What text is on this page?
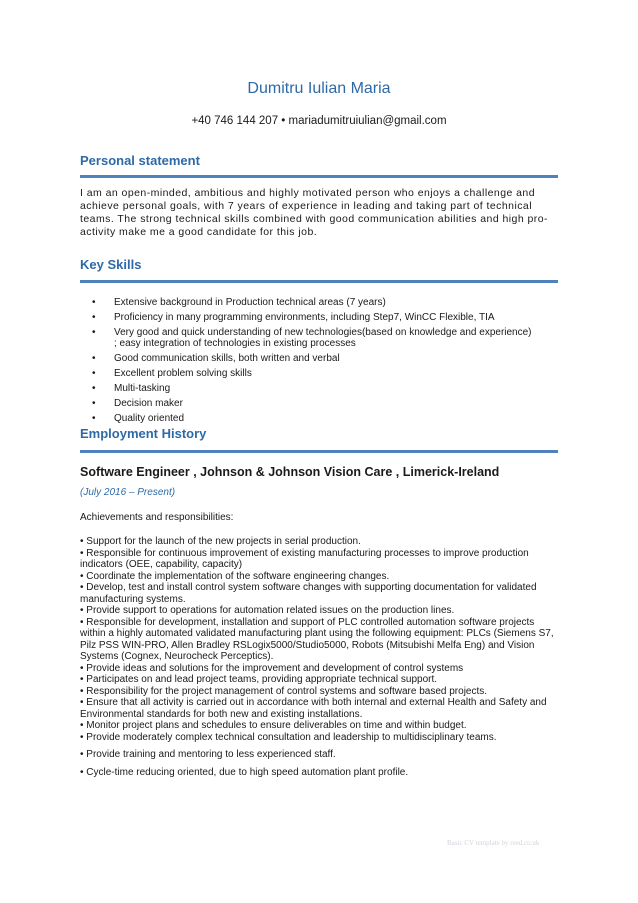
Dumitru Iulian Maria
+40 746 144 207 • mariadumitruiulian@gmail.com
Personal statement
I am an open-minded, ambitious and highly motivated person who enjoys a challenge and achieve personal goals, with 7 years of experience in leading and taking part of technical teams. The strong technical skills combined with good communication abilities and high pro-activity make me a good candidate for this job.
Key Skills
• Extensive background in Production technical areas (7 years)
• Proficiency in many programming environments, including Step7, WinCC Flexible, TIA
• Very good and quick understanding of new technologies(based on knowledge and experience) ; easy integration of technologies in existing processes
• Good communication skills, both written and verbal
• Excellent problem solving skills
• Multi-tasking
• Decision maker
• Quality oriented
Employment History
Software Engineer , Johnson & Johnson Vision Care , Limerick-Ireland
(July 2016 – Present)
Achievements and responsibilities:

• Support for the launch of the new projects in serial production.

• Responsible for continuous improvement of existing manufacturing processes to improve production indicators (OEE, capability, capacity)

• Coordinate the implementation of the software engineering changes.

• Develop, test and install control system software changes with supporting documentation for validated manufacturing systems.

• Provide support to operations for automation related issues on the production lines.

• Responsible for development, installation and support of PLC controlled automation software projects within a highly automated validated manufacturing plant using the following equipment: PLCs (Siemens S7, Pilz PSS WIN-PRO, Allen Bradley RSLogix5000/Studio5000, Robots (Mitsubishi Melfa Eng) and Vision Systems (Cognex, Neurocheck Perceptics).

• Provide ideas and solutions for the improvement and development of control systems

• Participates on and lead project teams, providing appropriate technical support.

• Responsibility for the project management of control systems and software based projects.

• Ensure that all activity is carried out in accordance with both internal and external Health and Safety and Environmental standards for both new and existing installations.

• Monitor project plans and schedules to ensure deliverables on time and within budget.

• Provide moderately complex technical consultation and leadership to multidisciplinary teams.

• Provide training and mentoring to less experienced staff.

• Cycle-time reducing oriented, due to high speed automation plant profile.

Basic CV template by reed.co.uk
